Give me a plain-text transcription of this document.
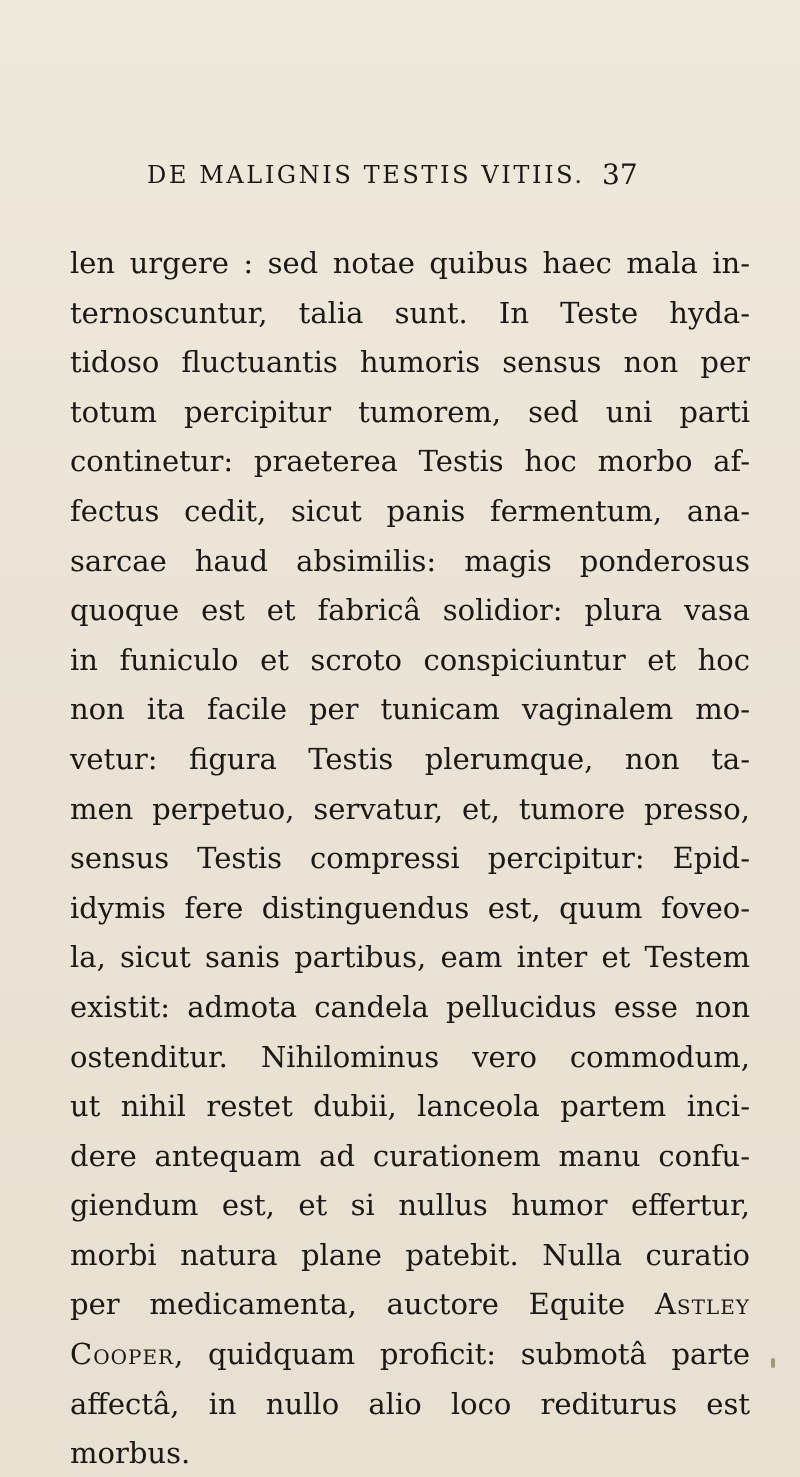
DE MALIGNIS TESTIS VITIIS. 37
len urgere : sed notae quibus haec mala in-
ternoscuntur, talia sunt. In Teste hyda-
tidoso fluctuantis humoris sensus non per
totum percipitur tumorem, sed uni parti
continetur: praeterea Testis hoc morbo af-
fectus cedit, sicut panis fermentum, ana-
sarcae haud absimilis: magis ponderosus
quoque est et fabricâ solidior: plura vasa
in funiculo et scroto conspiciuntur et hoc
non ita facile per tunicam vaginalem mo-
vetur: figura Testis plerumque, non ta-
men perpetuo, servatur, et, tumore presso,
sensus Testis compressi percipitur: Epid-
idymis fere distinguendus est, quum foveo-
la, sicut sanis partibus, eam inter et Testem
existit: admota candela pellucidus esse non
ostenditur. Nihilominus vero commodum,
ut nihil restet dubii, lanceola partem inci-
dere antequam ad curationem manu confu-
giendum est, et si nullus humor effertur,
morbi natura plane patebit. Nulla curatio
per medicamenta, auctore Equite Astley
Cooper, quidquam proficit: submotâ parte
affectâ, in nullo alio loco rediturus est
morbus.
